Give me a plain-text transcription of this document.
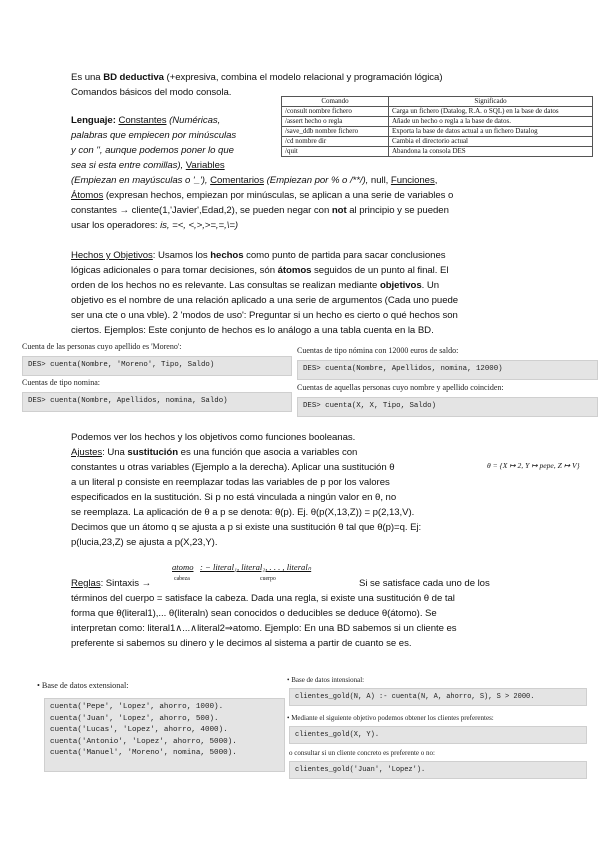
Es una BD deductiva (+expresiva, combina el modelo relacional y programación lógica)
Comandos básicos del modo consola.
Comando	Significado
/consult nombre fichero	Carga un fichero (Datalog, R.A. o SQL) en la base de datos
/assert hecho o regla	Añade un hecho o regla a la base de datos.
/save_ddb nombre fichero	Exporta la base de datos actual a un fichero Datalog
/cd nombre dir	Cambia el directorio actual
/quit	Abandona la consola DES
Lenguaje: Constantes (Numéricas,
palabras que empiecen por minúsculas
y con '', aunque podemos poner lo que
sea si esta entre comillas), Variables
(Empiezan en mayúsculas o '_'), Comentarios (Empiezan por % o /**/), null, Funciones,
Átomos (expresan hechos, empiezan por minúsculas, se aplican a una serie de variables o
constantes → cliente(1,'Javier',Edad,2), se pueden negar con not al principio y se pueden
usar los operadores: is, =<, <,>,>=,=,\=)
Hechos y Objetivos: Usamos los hechos como punto de partida para sacar conclusiones
lógicas adicionales o para tomar decisiones, són átomos seguidos de un punto al final. El
orden de los hechos no es relevante. Las consultas se realizan mediante objetivos. Un
objetivo es el nombre de una relación aplicado a una serie de argumentos (Cada uno puede
ser una cte o una vble). 2 'modos de uso': Preguntar si un hecho es cierto o qué hechos son
ciertos. Ejemplos: Este conjunto de hechos es lo análogo a una tabla cuenta en la BD.
Cuenta de las personas cuyo apellido es 'Moreno':
DES> cuenta(Nombre, 'Moreno', Tipo, Saldo)
Cuentas de tipo nómina con 12000 euros de saldo:
DES> cuenta(Nombre, Apellidos, nomina, 12000)
Cuentas de tipo nomina:
DES> cuenta(Nombre, Apellidos, nomina, Saldo)
Cuentas de aquellas personas cuyo nombre y apellido coinciden:
DES> cuenta(X, X, Tipo, Saldo)
Podemos ver los hechos y los objetivos como funciones booleanas.
Ajustes: Una sustitución es una función que asocia a variables con
constantes u otras variables (Ejemplo a la derecha). Aplicar una sustitución θ
a un literal p consiste en reemplazar todas las variables de p por los valores
especificados en la sustitución. Si p no está vinculada a ningún valor en θ, no
se reemplaza. La aplicación de θ a p se denota: θ(p). Ej. θ(p(X,13,Z)) = p(2,13,V).
Decimos que un átomo q se ajusta a p si existe una sustitución θ tal que θ(p)=q. Ej:
p(lucia,23,Z) se ajusta a p(X,23,Y).
θ = {X ↦ 2, Y ↦ pepe, Z ↦ V}
Reglas: Sintaxis →
atomo : − literal₁, literal₂, . . . , literalₙ
cabeza	cuerpo	Si se satisface cada uno de los
términos del cuerpo = satisface la cabeza. Dada una regla, si existe una sustitución θ de tal
forma que θ(literal1),... θ(literaln) sean conocidos o deducibles se deduce θ(átomo). Se
interpretan como: literal1∧...∧literal2⇒atomo. Ejemplo: En una BD sabemos si un cliente es
preferente si sabemos su dinero y le decimos al sistema a partir de cuanto se es.
• Base de datos extensional:
cuenta('Pepe', 'Lopez', ahorro, 1000).
cuenta('Juan', 'Lopez', ahorro, 500).
cuenta('Lucas', 'Lopez', ahorro, 4000).
cuenta('Antonio', 'Lopez', ahorro, 5000).
cuenta('Manuel', 'Moreno', nomina, 5000).
• Base de datos intensional:
clientes_gold(N, A) :- cuenta(N, A, ahorro, S), S > 2000.
• Mediante el siguiente objetivo podemos obtener los clientes preferentes:
clientes_gold(X, Y).
o consultar si un cliente concreto es preferente o no:
clientes_gold('Juan', 'Lopez').
